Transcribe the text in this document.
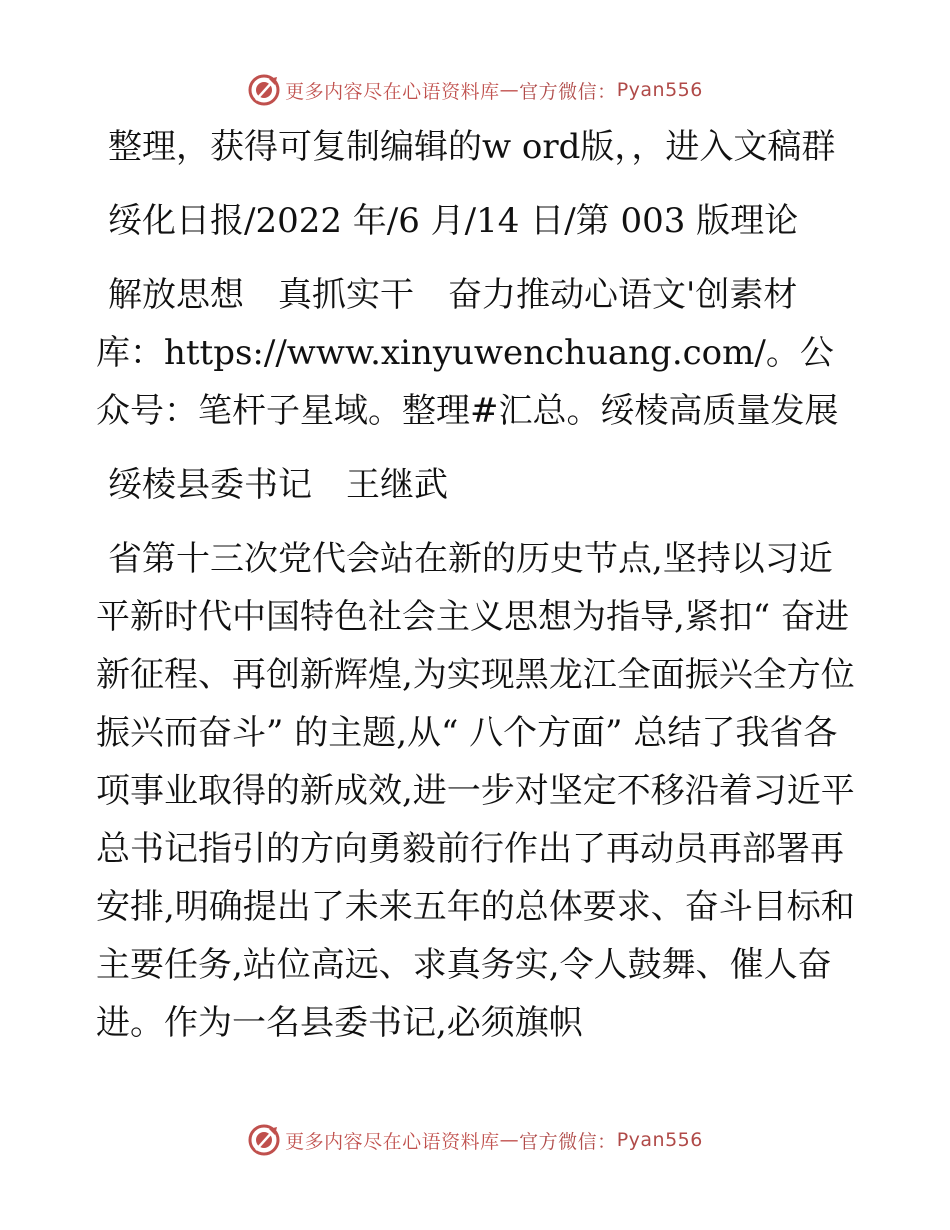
更多内容尽在心语资料库 — 官方微信： Pyan556

整理，获得可复制编辑的w ord版，，进入文稿群

绥化日报/2022 年/6 月/14 日/第 003 版理论

解放思想　真抓实干　奋力推动心语文'创素材库：https://www.xinyuwenchuang.com/。公众号：笔杆子星域。整理#汇总。绥棱高质量发展

绥棱县委书记　王继武

省第十三次党代会站在新的历史节点,坚持以习近平新时代中国特色社会主义思想为指导,紧扣“ 奋进新征程、再创新辉煌,为实现黑龙江全面振兴全方位振兴而奋斗” 的主题,从“ 八个方面” 总结了我省各项事业取得的新成效,进一步对坚定不移沿着习近平总书记指引的方向勇毅前行作出了再动员再部署再安排,明确提出了未来五年的总体要求、奋斗目标和主要任务,站位高远、求真务实,令人鼓舞、催人奋进。作为一名县委书记,必须旗帜

更多内容尽在心语资料库 — 官方微信： Pyan556
